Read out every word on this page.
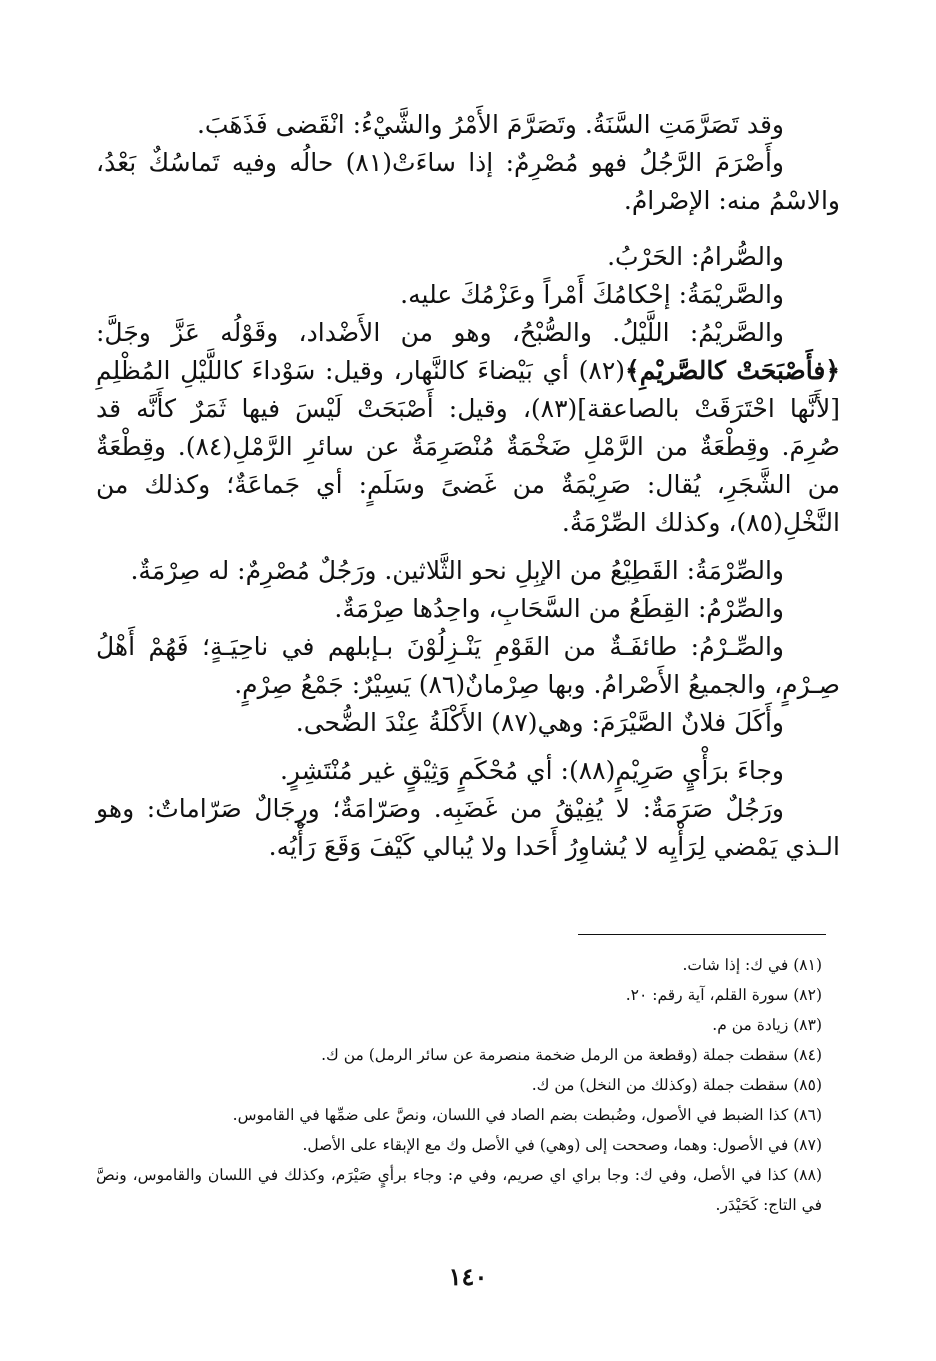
وقد تَصَرَّمَتِ السَّنَةُ. وتَصَرَّمَ الأَمْرُ والشَّيْءُ: انْقَضى فَذَهَبَ.

وأَصْرَمَ الرَّجُلُ فهو مُصْرِمٌ: إذا ساءَتْ(٨١) حالُه وفيه تَماسُكٌ بَعْدُ، والاسْمُ منه: الإصْرامُ.

والصُّرامُ: الحَرْبُ.

والصَّريْمَةُ: إحْكامُكَ أَمْراً وعَزْمُكَ عليه.

والصَّريْمُ: اللَّيْلُ. والصُّبْحُ، وهو من الأَضْداد، وقَوْلُه عَزَّ وجَلَّ: ﴿فأَصْبَحَتْ كالصَّريْمِ﴾(٨٢) أي بَيْضاءَ كالنَّهار، وقيل: سَوْداءَ كاللَّيْلِ المُظْلِمِ [لأَنَّها احْتَرَقَتْ بالصاعقة](٨٣)، وقيل: أَصْبَحَتْ لَيْسَ فيها ثَمَرٌ كأَنَّه قد صُرِمَ. وقِطْعَةٌ من الرَّمْلِ ضَخْمَةٌ مُنْصَرِمَةٌ عن سائرِ الرَّمْلِ(٨٤). وقِطْعَةٌ من الشَّجَرِ، يُقال: صَرِيْمَةٌ من غَضىً وسَلَمٍ: أي جَماعَةٌ؛ وكذلك من النَّخْلِ(٨٥)، وكذلك الصِّرْمَةُ.

والصِّرْمَةُ: القَطِيْعُ من الإبِلِ نحو الثَّلاثين. ورَجُلٌ مُصْرِمٌ: له صِرْمَةٌ.

والصِّرْمُ: القِطَعُ من السَّحَابِ، واحِدُها صِرْمَةٌ.

والصِّـرْمُ: طائفَـةٌ من القَوْمِ يَنْـزِلُوْنَ بـإبلهم في ناحِيَـةٍ؛ فَهُمْ أَهْلُ صِـرْمٍ، والجميعُ الأَصْرامُ. وبها صِرْمانٌ(٨٦) يَسِيْرٌ: جَمْعُ صِرْمٍ.

وأَكَلَ فلانٌ الصَّيْرَمَ: وهي(٨٧) الأَكْلَةُ عِنْدَ الضُّحى.

وجاءَ برَأْيٍ صَرِيْمٍ(٨٨): أي مُحْكَمٍ وَثِيْقٍ غير مُنْتَشِرٍ.

ورَجُلٌ صَرَمَةٌ: لا يُفِيْقُ من غَضَبِه. وصَرّامَةٌ؛ ورِجَالٌ صَرّاماتٌ: وهو الـذي يَمْضي لِرَأْيِه لا يُشاوِرُ أَحَدا ولا يُبالي كَيْفَ وَقَعَ رَأْيُه.

(٨١) في ك: إذا شات.

(٨٢) سورة القلم، آية رقم: ٢٠.

(٨٣) زيادة من م.

(٨٤) سقطت جملة (وقطعة من الرمل ضخمة منصرمة عن سائر الرمل) من ك.

(٨٥) سقطت جملة (وكذلك من النخل) من ك.

(٨٦) كذا الضبط في الأصول، وضُبطت بضم الصاد في اللسان، ونصَّ على ضمِّها في القاموس.

(٨٧) في الأصول: وهما، وصححت إلى (وهي) في الأصل وك مع الإبقاء على الأصل.

(٨٨) كذا في الأصل، وفي ك: وجا براي اي صريم، وفي م: وجاء برأيٍ صَيْرَم، وكذلك في اللسان والقاموس، ونصَّ في التاج: كَحَيْدَر.

١٤٠
